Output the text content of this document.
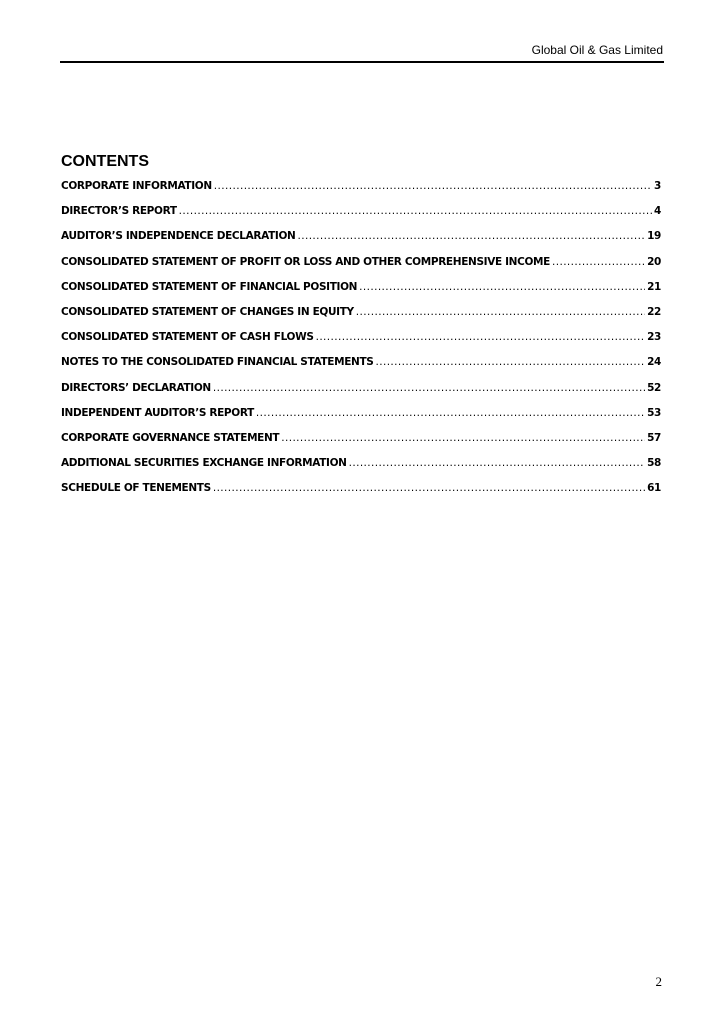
Global Oil & Gas Limited
CONTENTS
CORPORATE INFORMATION .....	3
DIRECTOR’S REPORT .....	4
AUDITOR’S INDEPENDENCE DECLARATION .....	19
CONSOLIDATED STATEMENT OF PROFIT OR LOSS AND OTHER COMPREHENSIVE INCOME .....	20
CONSOLIDATED STATEMENT OF FINANCIAL POSITION .....	21
CONSOLIDATED STATEMENT OF CHANGES IN EQUITY .....	22
CONSOLIDATED STATEMENT OF CASH FLOWS .....	23
NOTES TO THE CONSOLIDATED FINANCIAL STATEMENTS .....	24
DIRECTORS’ DECLARATION .....	52
INDEPENDENT AUDITOR’S REPORT .....	53
CORPORATE GOVERNANCE STATEMENT .....	57
ADDITIONAL SECURITIES EXCHANGE INFORMATION .....	58
SCHEDULE OF TENEMENTS .....	61
2
